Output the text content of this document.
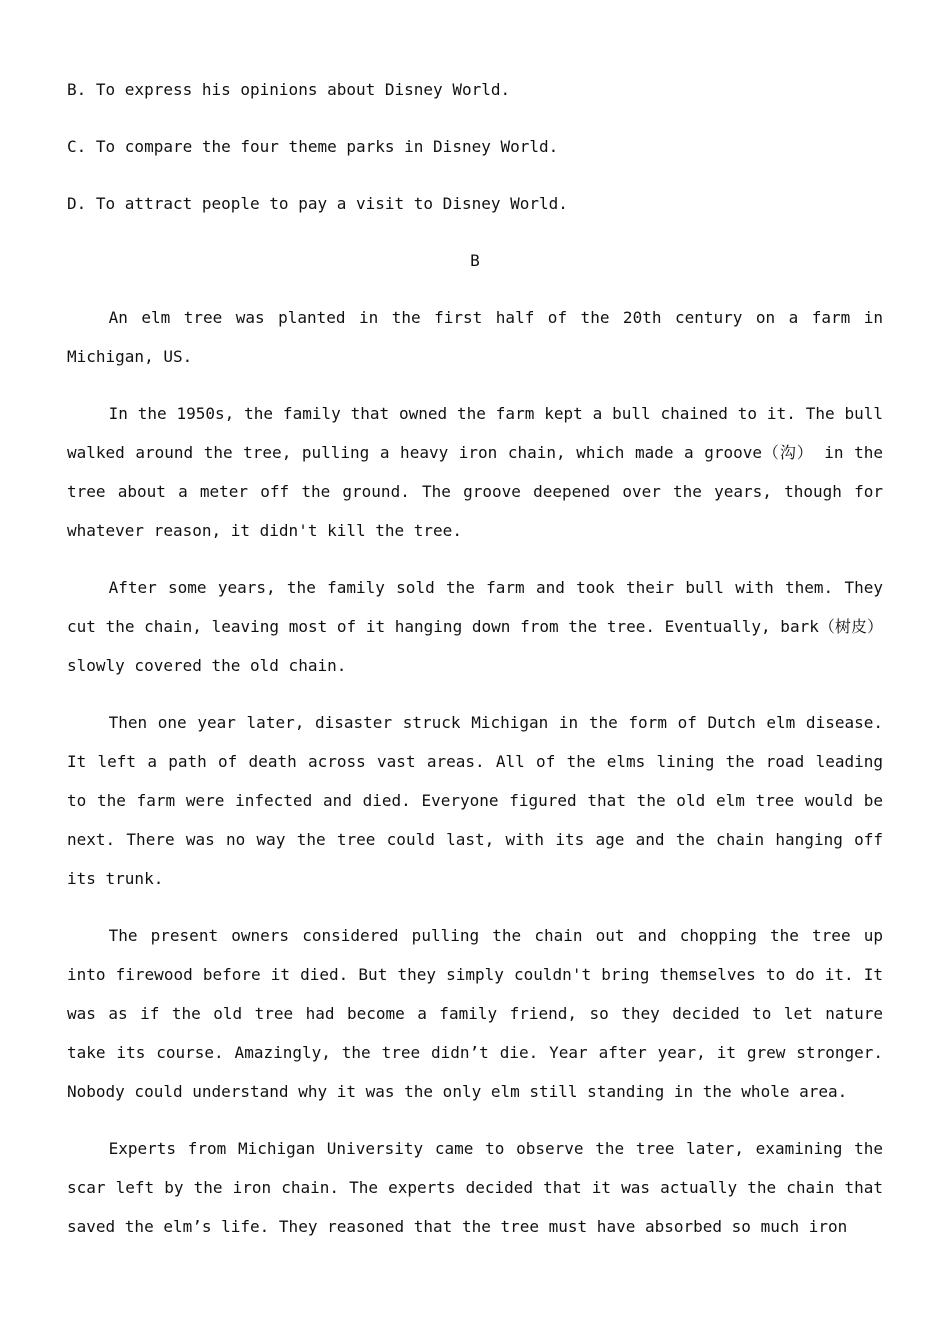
B. To express his opinions about Disney World.
C. To compare the four theme parks in Disney World.
D. To attract people to pay a visit to Disney World.
B

An elm tree was planted in the first half of the 20th century on a farm in Michigan, US.

In the 1950s, the family that owned the farm kept a bull chained to it. The bull walked around the tree, pulling a heavy iron chain, which made a groove（沟） in the tree about a meter off the ground. The groove deepened over the years, though for whatever reason, it didn't kill the tree.

After some years, the family sold the farm and took their bull with them. They cut the chain, leaving most of it hanging down from the tree. Eventually, bark（树皮）slowly covered the old chain.

Then one year later, disaster struck Michigan in the form of Dutch elm disease. It left a path of death across vast areas. All of the elms lining the road leading to the farm were infected and died. Everyone figured that the old elm tree would be next. There was no way the tree could last, with its age and the chain hanging off its trunk.

The present owners considered pulling the chain out and chopping the tree up into firewood before it died. But they simply couldn't bring themselves to do it. It was as if the old tree had become a family friend, so they decided to let nature take its course. Amazingly, the tree didn’t die. Year after year, it grew stronger. Nobody could understand why it was the only elm still standing in the whole area.

Experts from Michigan University came to observe the tree later, examining the scar left by the iron chain. The experts decided that it was actually the chain that saved the elm’s life. They reasoned that the tree must have absorbed so much iron
